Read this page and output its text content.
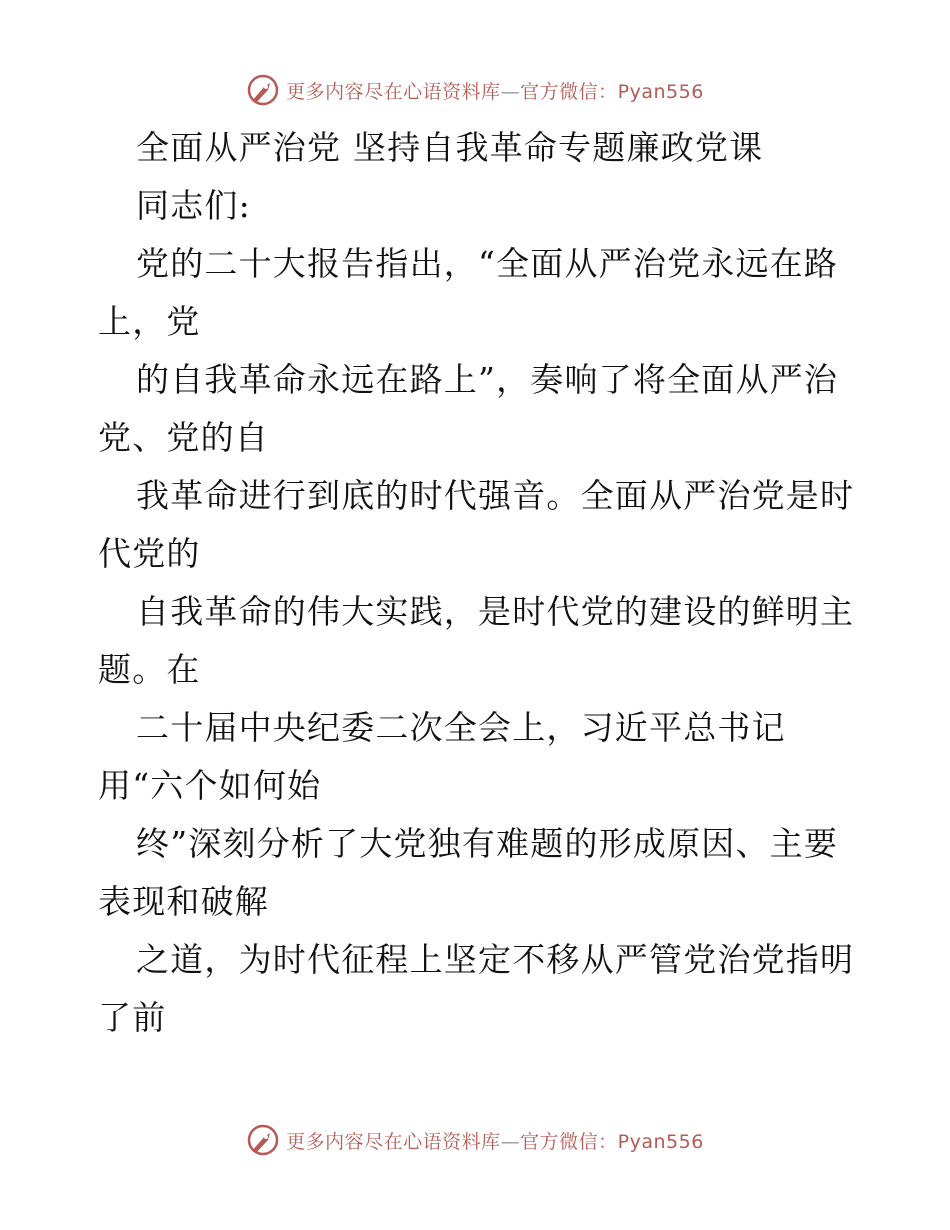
更多内容尽在心语资料库—官方微信：Pyan556
全面从严治党 坚持自我革命专题廉政党课
同志们:
党的二十大报告指出，“全面从严治党永远在路
上，党
的自我革命永远在路上”，奏响了将全面从严治
党、党的自
我革命进行到底的时代强音。全面从严治党是时
代党的
自我革命的伟大实践，是时代党的建设的鲜明主
题。在
二十届中央纪委二次全会上，习近平总书记
用“六个如何始
终”深刻分析了大党独有难题的形成原因、主要
表现和破解
之道，为时代征程上坚定不移从严管党治党指明
了前
更多内容尽在心语资料库—官方微信：Pyan556
